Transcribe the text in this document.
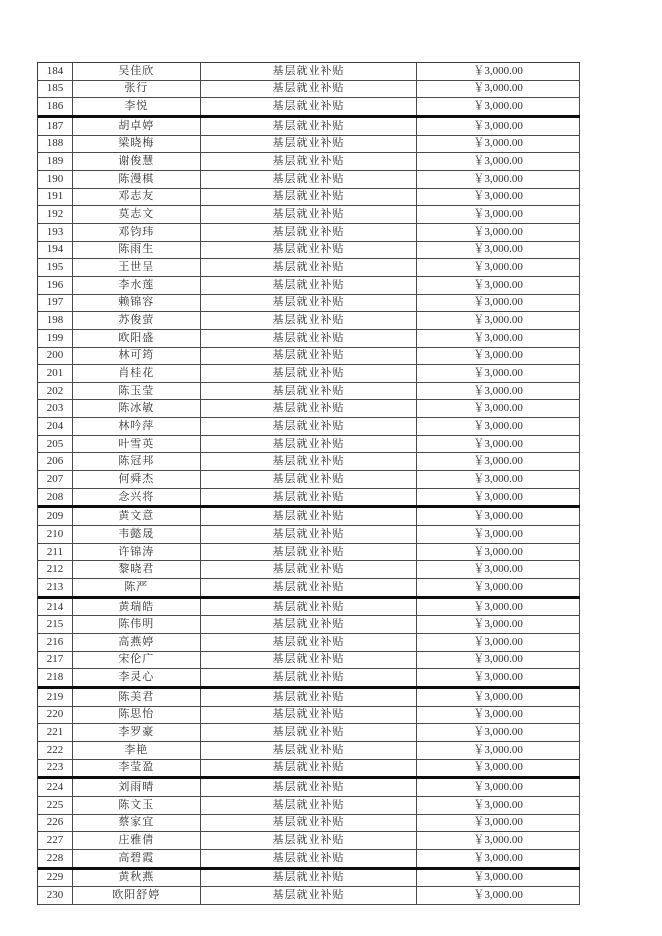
184	吴佳欣	基层就业补贴	￥3,000.00
185	张行	基层就业补贴	￥3,000.00
186	李悦	基层就业补贴	￥3,000.00
187	胡卓婷	基层就业补贴	￥3,000.00
188	梁晓梅	基层就业补贴	￥3,000.00
189	谢俊慧	基层就业补贴	￥3,000.00
190	陈漫棋	基层就业补贴	￥3,000.00
191	邓志友	基层就业补贴	￥3,000.00
192	莫志文	基层就业补贴	￥3,000.00
193	邓钧玮	基层就业补贴	￥3,000.00
194	陈雨生	基层就业补贴	￥3,000.00
195	王世呈	基层就业补贴	￥3,000.00
196	李水莲	基层就业补贴	￥3,000.00
197	赖锦容	基层就业补贴	￥3,000.00
198	苏俊萤	基层就业补贴	￥3,000.00
199	欧阳盛	基层就业补贴	￥3,000.00
200	林可筠	基层就业补贴	￥3,000.00
201	肖桂花	基层就业补贴	￥3,000.00
202	陈玉莹	基层就业补贴	￥3,000.00
203	陈冰敏	基层就业补贴	￥3,000.00
204	林吟萍	基层就业补贴	￥3,000.00
205	叶雪英	基层就业补贴	￥3,000.00
206	陈冠邦	基层就业补贴	￥3,000.00
207	何舜杰	基层就业补贴	￥3,000.00
208	念兴将	基层就业补贴	￥3,000.00
209	黄文意	基层就业补贴	￥3,000.00
210	韦懿晟	基层就业补贴	￥3,000.00
211	许锦涛	基层就业补贴	￥3,000.00
212	黎晓君	基层就业补贴	￥3,000.00
213	陈严	基层就业补贴	￥3,000.00
214	黄瑞皓	基层就业补贴	￥3,000.00
215	陈伟明	基层就业补贴	￥3,000.00
216	高燕婷	基层就业补贴	￥3,000.00
217	宋伦广	基层就业补贴	￥3,000.00
218	李灵心	基层就业补贴	￥3,000.00
219	陈美君	基层就业补贴	￥3,000.00
220	陈思怡	基层就业补贴	￥3,000.00
221	李罗豪	基层就业补贴	￥3,000.00
222	李艳	基层就业补贴	￥3,000.00
223	李莹盈	基层就业补贴	￥3,000.00
224	刘雨晴	基层就业补贴	￥3,000.00
225	陈文玉	基层就业补贴	￥3,000.00
226	蔡家宜	基层就业补贴	￥3,000.00
227	庄雅倩	基层就业补贴	￥3,000.00
228	高碧霞	基层就业补贴	￥3,000.00
229	黄秋燕	基层就业补贴	￥3,000.00
230	欧阳舒婷	基层就业补贴	￥3,000.00
